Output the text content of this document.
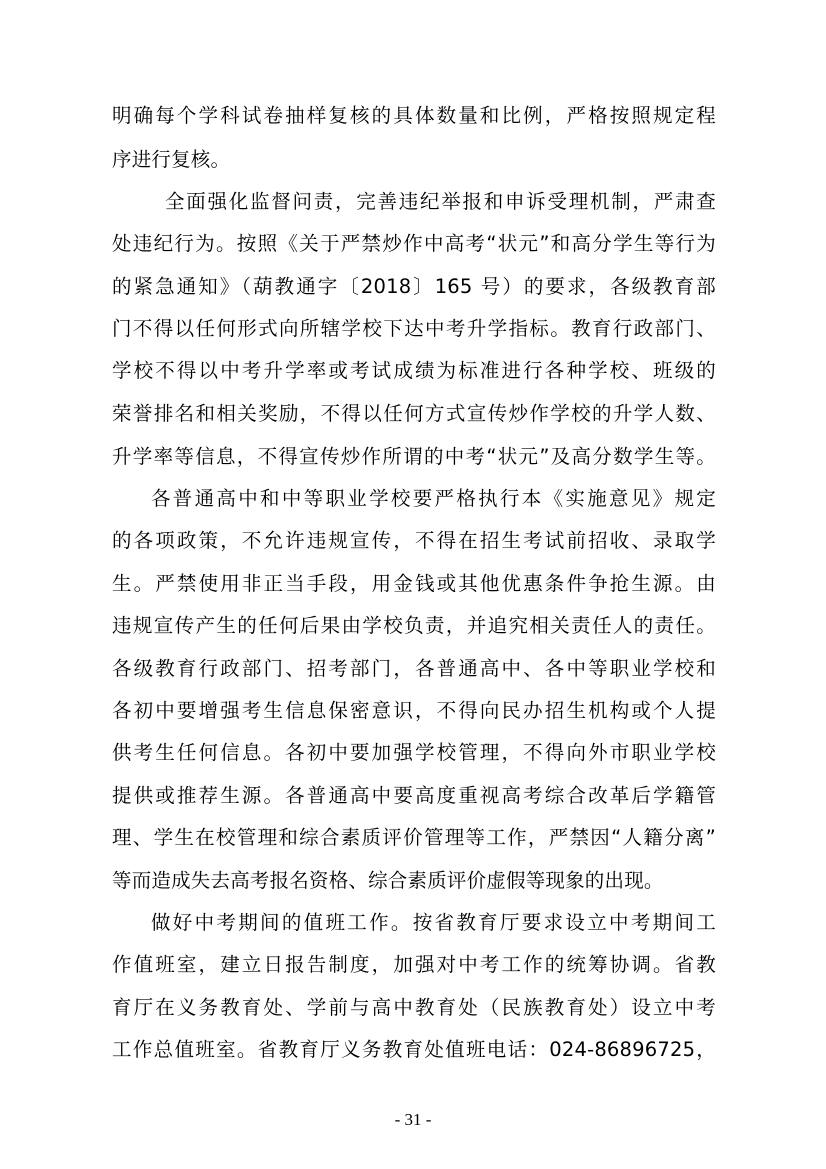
明确每个学科试卷抽样复核的具体数量和比例，严格按照规定程
序进行复核。
全面强化监督问责，完善违纪举报和申诉受理机制，严肃查
处违纪行为。按照《关于严禁炒作中高考“状元”和高分学生等行为
的紧急通知》（葫教通字〔2018〕165 号）的要求，各级教育部
门不得以任何形式向所辖学校下达中考升学指标。教育行政部门、
学校不得以中考升学率或考试成绩为标准进行各种学校、班级的
荣誉排名和相关奖励，不得以任何方式宣传炒作学校的升学人数、
升学率等信息，不得宣传炒作所谓的中考“状元”及高分数学生等。
各普通高中和中等职业学校要严格执行本《实施意见》规定
的各项政策，不允许违规宣传，不得在招生考试前招收、录取学
生。严禁使用非正当手段，用金钱或其他优惠条件争抢生源。由
违规宣传产生的任何后果由学校负责，并追究相关责任人的责任。
各级教育行政部门、招考部门，各普通高中、各中等职业学校和
各初中要增强考生信息保密意识，不得向民办招生机构或个人提
供考生任何信息。各初中要加强学校管理，不得向外市职业学校
提供或推荐生源。各普通高中要高度重视高考综合改革后学籍管
理、学生在校管理和综合素质评价管理等工作，严禁因“人籍分离”
等而造成失去高考报名资格、综合素质评价虚假等现象的出现。
做好中考期间的值班工作。按省教育厅要求设立中考期间工
作值班室，建立日报告制度，加强对中考工作的统筹协调。省教
育厅在义务教育处、学前与高中教育处（民族教育处）设立中考
工作总值班室。省教育厅义务教育处值班电话：024-86896725，
- 31 -
